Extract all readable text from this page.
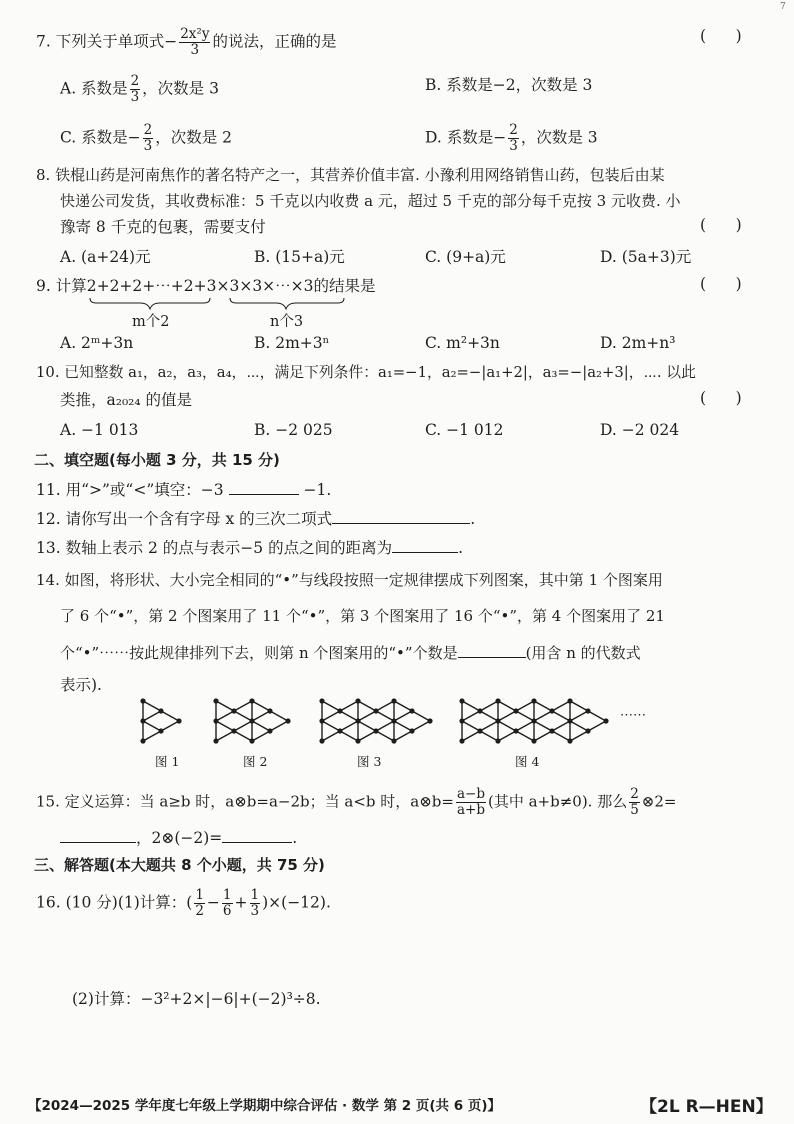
7
7. 下列关于单项式− $\frac{\text{2x²y}}{3}$ 的说法，正确的是	(      )
A. 系数是 $\frac{2}{3}$ ，次数是 3	B. 系数是−2，次数是 3
C. 系数是− $\frac{2}{3}$ ，次数是 2	D. 系数是− $\frac{2}{3}$ ，次数是 3
8. 铁棍山药是河南焦作的著名特产之一，其营养价值丰富. 小豫利用网络销售山药，包装后由某
快递公司发货，其收费标准：5 千克以内收费 a 元，超过 5 千克的部分每千克按 3 元收费. 小
豫寄 8 千克的包裹，需要支付	(      )
A. (a+24)元	B. (15+a)元	C. (9+a)元	D. (5a+3)元
9. 计算2+2+2+⋯+2+3×3×3×⋯×3的结果是	(      )
m个2	n个3
A. 2ᵐ+3n	B. 2m+3ⁿ	C. m²+3n	D. 2m+n³
10. 已知整数 a₁，a₂，a₃，a₄，⋯，满足下列条件：a₁=−1，a₂=−|a₁+2|，a₃=−|a₂+3|，⋯. 以此
类推，a₂₀₂₄ 的值是	(      )
A. −1 013	B. −2 025	C. −1 012	D. −2 024
二、填空题(每小题 3 分，共 15 分)
11. 用“>”或“<”填空：−3	−1.
12. 请你写出一个含有字母 x 的三次二项式	.
13. 数轴上表示 2 的点与表示−5 的点之间的距离为	.
14. 如图，将形状、大小完全相同的“•”与线段按照一定规律摆成下列图案，其中第 1 个图案用
了 6 个“•”，第 2 个图案用了 11 个“•”，第 3 个图案用了 16 个“•”，第 4 个图案用了 21
个“•”⋯⋯按此规律排列下去，则第 n 个图案用的“•”个数是	(用含 n 的代数式
表示).
图 1	图 2	图 3	图 4
⋯⋯
15. 定义运算：当 a≥b 时，a⊗b=a−2b；当 a<b 时，a⊗b= $\frac{a-b}{a+b}$ (其中 a+b≠0). 那么 $\frac{2}{5}$ ⊗2=
，2⊗(−2)=	.
三、解答题(本大题共 8 个小题，共 75 分)
16. (10 分)(1)计算：( $\frac{1}{2} - \frac{1}{6} + \frac{1}{3} )\times(-12)$.
(2)计算：−3²+2×|−6|+(−2)³÷8.
【2024—2025 学年度七年级上学期期中综合评估 · 数学 第 2 页(共 6 页)】	【2L R—HEN】
